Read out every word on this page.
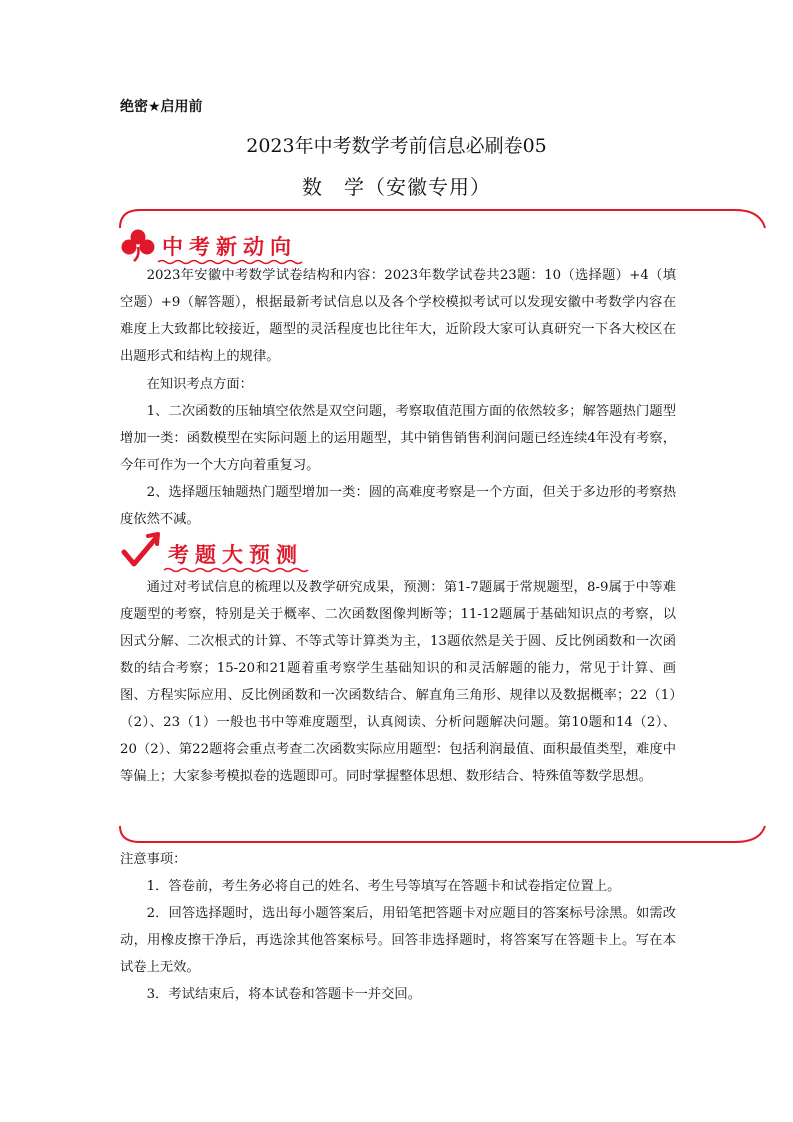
绝密★启用前
2023年中考数学考前信息必刷卷05
数　学（安徽专用）
中考新动向
2023年安徽中考数学试卷结构和内容：2023年数学试卷共23题：10（选择题）+4（填空题）+9（解答题），根据最新考试信息以及各个学校模拟考试可以发现安徽中考数学内容在难度上大致都比较接近，题型的灵活程度也比往年大，近阶段大家可认真研究一下各大校区在出题形式和结构上的规律。
在知识考点方面：
1、二次函数的压轴填空依然是双空问题，考察取值范围方面的依然较多；解答题热门题型增加一类：函数模型在实际问题上的运用题型，其中销售销售利润问题已经连续4年没有考察，今年可作为一个大方向着重复习。
2、选择题压轴题热门题型增加一类：圆的高难度考察是一个方面，但关于多边形的考察热度依然不减。
考题大预测
通过对考试信息的梳理以及教学研究成果，预测：第1-7题属于常规题型，8-9属于中等难度题型的考察，特别是关于概率、二次函数图像判断等；11-12题属于基础知识点的考察，以因式分解、二次根式的计算、不等式等计算类为主，13题依然是关于圆、反比例函数和一次函数的结合考察；15-20和21题着重考察学生基础知识的和灵活解题的能力，常见于计算、画图、方程实际应用、反比例函数和一次函数结合、解直角三角形、规律以及数据概率；22（1）（2）、23（1）一般也书中等难度题型，认真阅读、分析问题解决问题。第10题和14（2）、20（2）、第22题将会重点考查二次函数实际应用题型：包括利润最值、面积最值类型，难度中等偏上；大家参考模拟卷的选题即可。同时掌握整体思想、数形结合、特殊值等数学思想。
注意事项：
1．答卷前，考生务必将自己的姓名、考生号等填写在答题卡和试卷指定位置上。
2．回答选择题时，选出每小题答案后，用铅笔把答题卡对应题目的答案标号涂黑。如需改动，用橡皮擦干净后，再选涂其他答案标号。回答非选择题时，将答案写在答题卡上。写在本试卷上无效。
3．考试结束后，将本试卷和答题卡一并交回。
